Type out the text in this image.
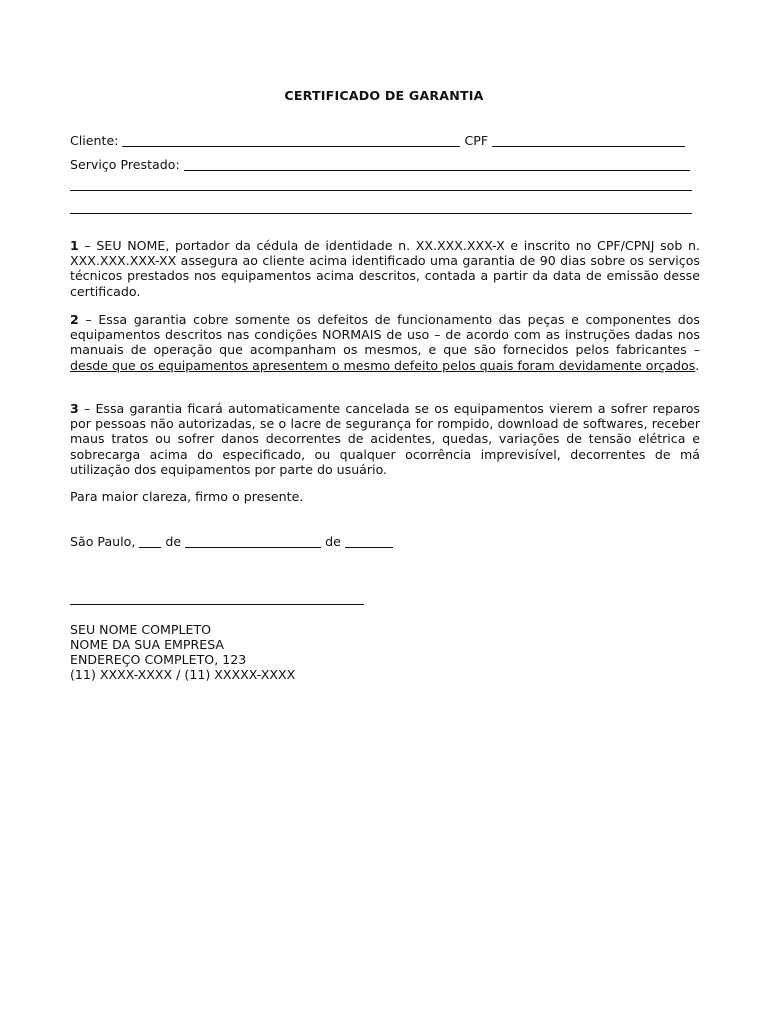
CERTIFICADO DE GARANTIA
Cliente:	CPF
Serviço Prestado:
1 – SEU NOME, portador da cédula de identidade n. XX.XXX.XXX-X e inscrito no CPF/CPNJ sob n. XXX.XXX.XXX-XX assegura ao cliente acima identificado uma garantia de 90 dias sobre os serviços técnicos prestados nos equipamentos acima descritos, contada a partir da data de emissão desse certificado.
2 – Essa garantia cobre somente os defeitos de funcionamento das peças e componentes dos equipamentos descritos nas condições NORMAIS de uso – de acordo com as instruções dadas nos manuais de operação que acompanham os mesmos, e que são fornecidos pelos fabricantes – desde que os equipamentos apresentem o mesmo defeito pelos quais foram devidamente orçados.
3 – Essa garantia ficará automaticamente cancelada se os equipamentos vierem a sofrer reparos por pessoas não autorizadas, se o lacre de segurança for rompido, download de softwares, receber maus tratos ou sofrer danos decorrentes de acidentes, quedas, variações de tensão elétrica e sobrecarga acima do especificado, ou qualquer ocorrência imprevisível, decorrentes de má utilização dos equipamentos por parte do usuário.
Para maior clareza, firmo o presente.
São Paulo, de	de
SEU NOME COMPLETO
NOME DA SUA EMPRESA
ENDEREÇO COMPLETO, 123
(11) XXXX-XXXX / (11) XXXXX-XXXX
